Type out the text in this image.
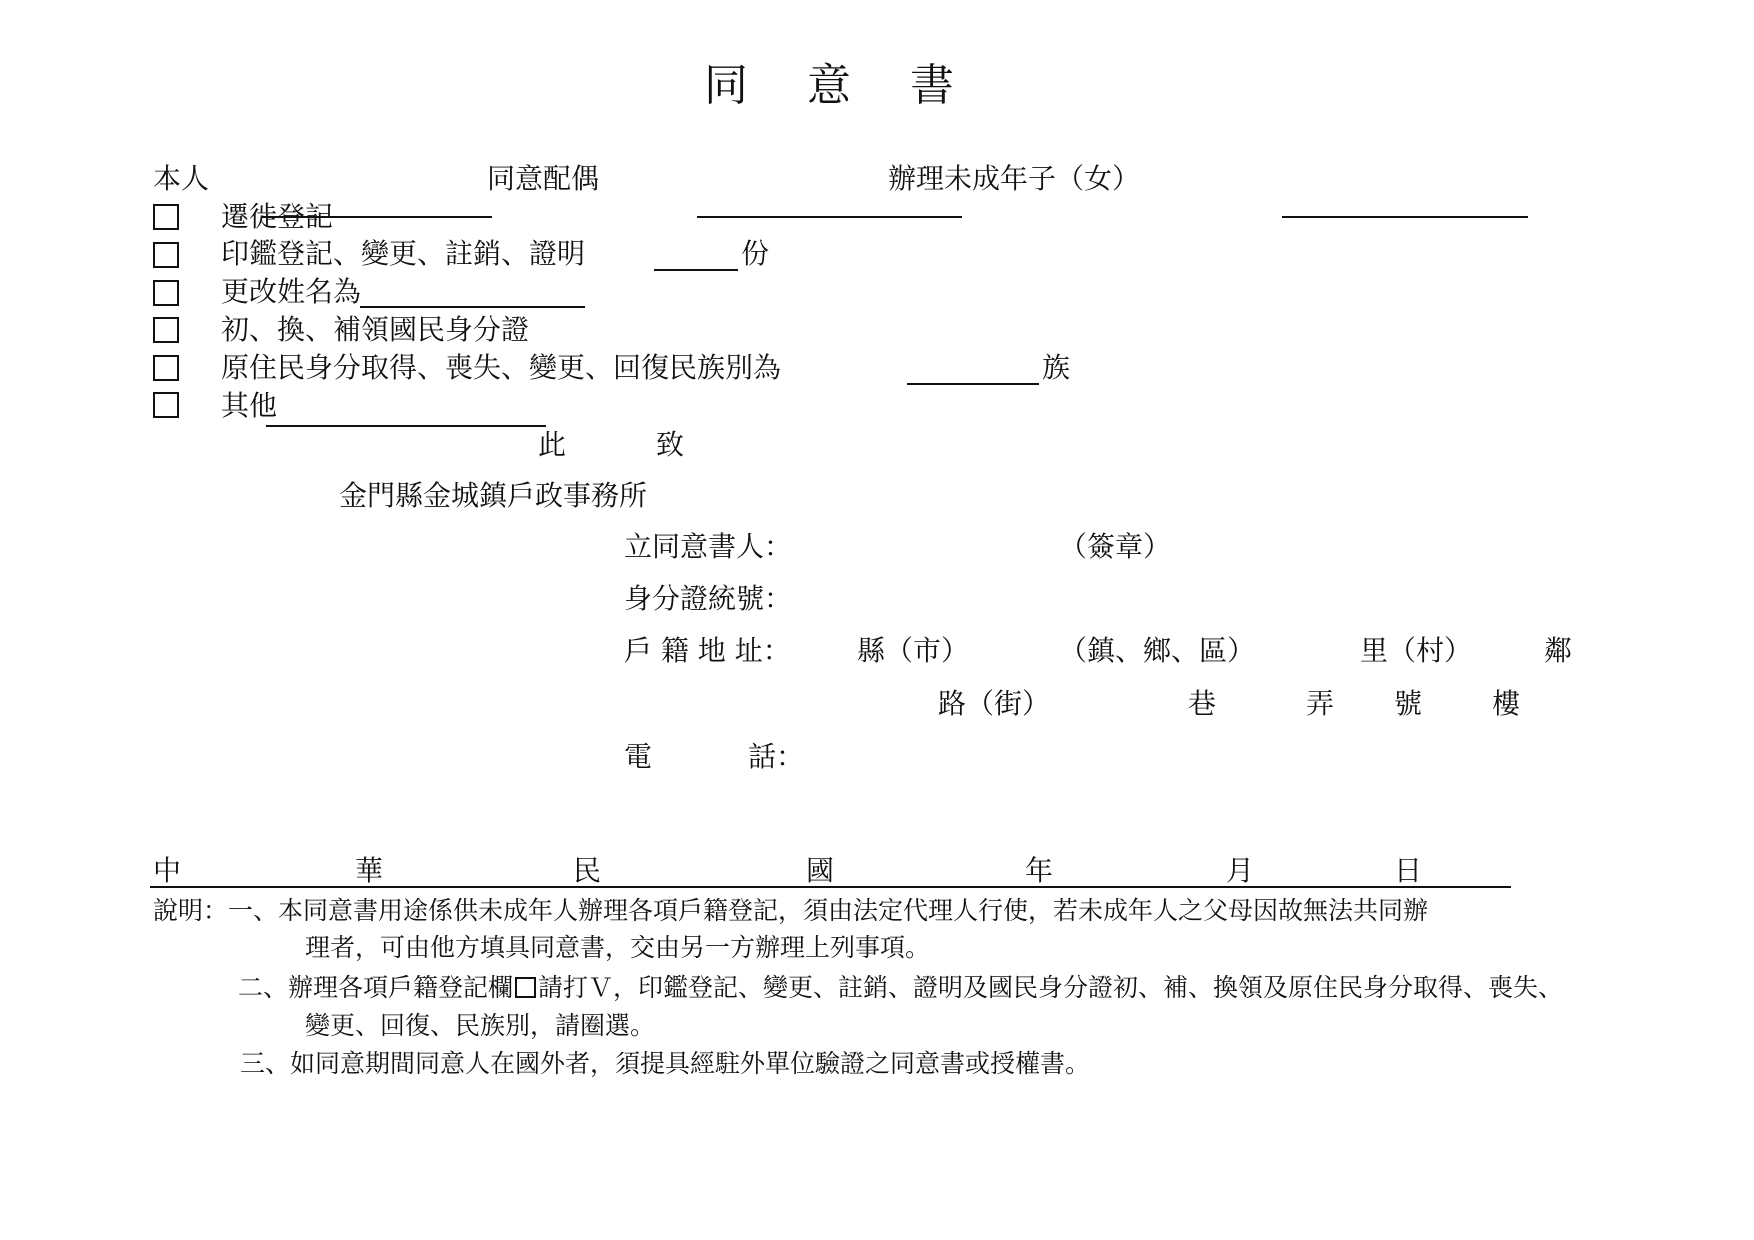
同 意 書
本人	同意配偶	辦理未成年子（女）
遷徙登記
印鑑登記、變更、註銷、證明	份
更改姓名為
初、換、補領國民身分證
原住民身分取得、喪失、變更、回復民族別為	族
其他
此	致
金門縣金城鎮戶政事務所
立同意書人：	（簽章）
身分證統號：
戶 籍 地 址： 縣（市）	（鎮、鄉、區）	里（村）	鄰
路（街）	巷	弄 號 樓
電	話：
中	華	民	國	年	月	日
說明：一、本同意書用途係供未成年人辦理各項戶籍登記，須由法定代理人行使，若未成年人之父母因故無法共同辦
理者，可由他方填具同意書，交由另一方辦理上列事項。
二、辦理各項戶籍登記欄 請打Ｖ，印鑑登記、變更、註銷、證明及國民身分證初、補、換領及原住民身分取得、喪失、
變更、回復、民族別，請圈選。
三、如同意期間同意人在國外者，須提具經駐外單位驗證之同意書或授權書。
